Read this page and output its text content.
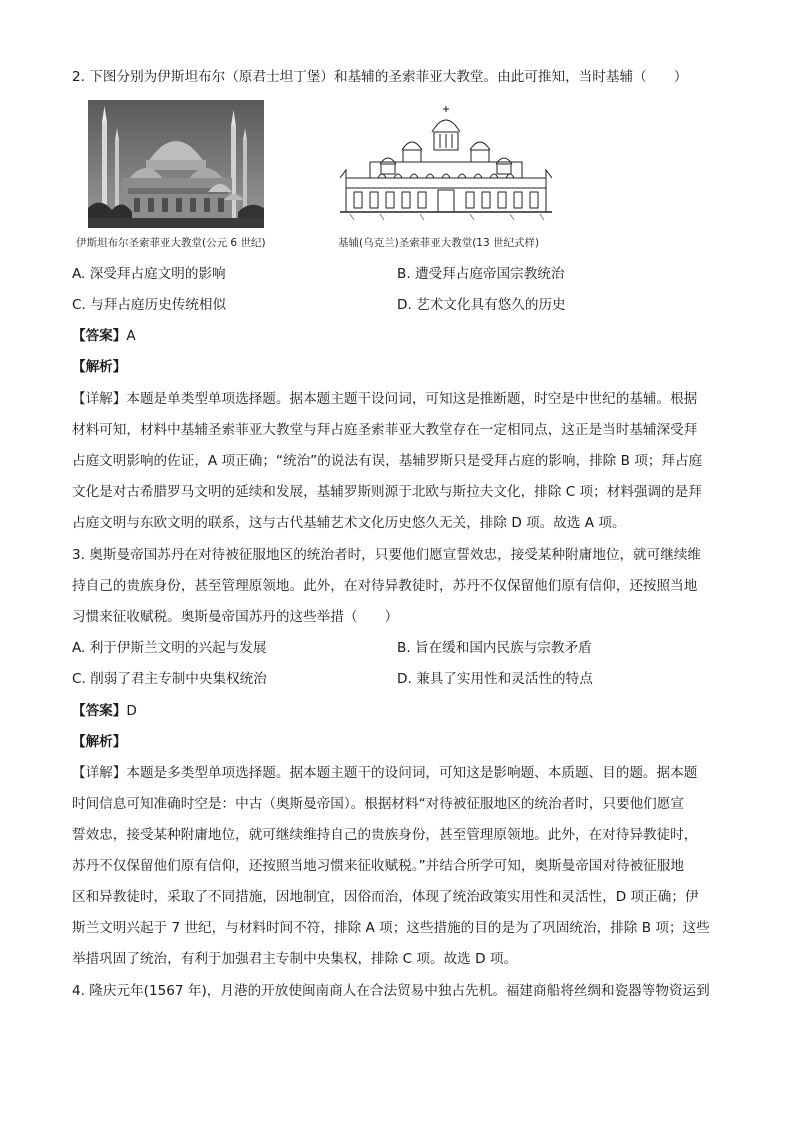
2. 下图分别为伊斯坦布尔（原君士坦丁堡）和基辅的圣索菲亚大教堂。由此可推知，当时基辅（　　）
伊斯坦布尔圣索菲亚大教堂(公元 6 世纪)	基辅(乌克兰)圣索菲亚大教堂(13 世纪式样)
A. 深受拜占庭文明的影响	B. 遭受拜占庭帝国宗教统治
C. 与拜占庭历史传统相似	D. 艺术文化具有悠久的历史
【答案】A
【解析】
【详解】本题是单类型单项选择题。据本题主题干设问词，可知这是推断题，时空是中世纪的基辅。根据
材料可知，材料中基辅圣索菲亚大教堂与拜占庭圣索菲亚大教堂存在一定相同点，这正是当时基辅深受拜
占庭文明影响的佐证，A 项正确；“统治”的说法有误，基辅罗斯只是受拜占庭的影响，排除 B 项；拜占庭
文化是对古希腊罗马文明的延续和发展，基辅罗斯则源于北欧与斯拉夫文化，排除 C 项；材料强调的是拜
占庭文明与东欧文明的联系，这与古代基辅艺术文化历史悠久无关，排除 D 项。故选 A 项。
3. 奥斯曼帝国苏丹在对待被征服地区的统治者时，只要他们愿宣誓效忠，接受某种附庸地位，就可继续维
持自己的贵族身份，甚至管理原领地。此外，在对待异教徒时，苏丹不仅保留他们原有信仰，还按照当地
习惯来征收赋税。奥斯曼帝国苏丹的这些举措（　　）
A. 利于伊斯兰文明的兴起与发展	B. 旨在缓和国内民族与宗教矛盾
C. 削弱了君主专制中央集权统治	D. 兼具了实用性和灵活性的特点
【答案】D
【解析】
【详解】本题是多类型单项选择题。据本题主题干的设问词，可知这是影响题、本质题、目的题。据本题
时间信息可知准确时空是：中古（奥斯曼帝国）。根据材料“对待被征服地区的统治者时，只要他们愿宣
誓效忠，接受某种附庸地位，就可继续维持自己的贵族身份，甚至管理原领地。此外，在对待异教徒时，
苏丹不仅保留他们原有信仰，还按照当地习惯来征收赋税。”并结合所学可知，奥斯曼帝国对待被征服地
区和异教徒时，采取了不同措施，因地制宜，因俗而治，体现了统治政策实用性和灵活性，D 项正确；伊
斯兰文明兴起于 7 世纪，与材料时间不符，排除 A 项；这些措施的目的是为了巩固统治，排除 B 项；这些
举措巩固了统治，有利于加强君主专制中央集权，排除 C 项。故选 D 项。
4. 隆庆元年(1567 年)，月港的开放使闽南商人在合法贸易中独占先机。福建商船将丝绸和瓷器等物资运到
